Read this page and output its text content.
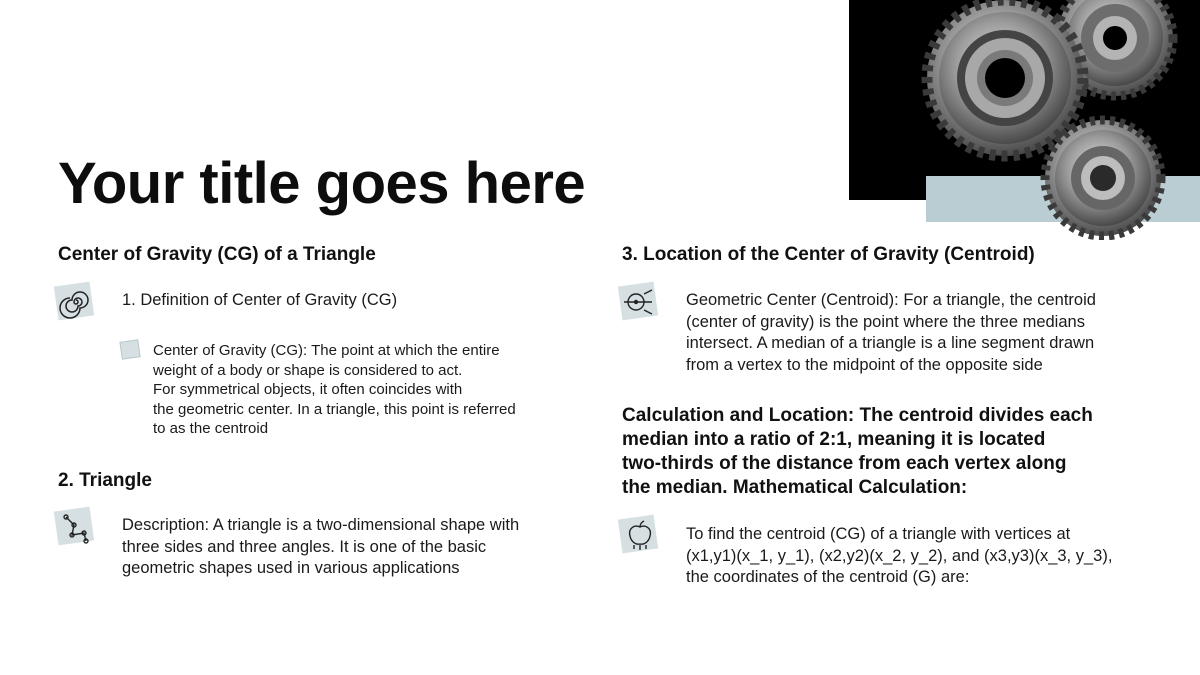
Your title goes here
Center of Gravity (CG) of a Triangle
1. Definition of Center of Gravity (CG)
Center of Gravity (CG): The point at which the entire
weight of a body or shape is considered to act.
For symmetrical objects, it often coincides with
the geometric center. In a triangle, this point is referred
to as the centroid
2. Triangle
Description: A triangle is a two-dimensional shape with
three sides and three angles. It is one of the basic
geometric shapes used in various applications
3. Location of the Center of Gravity (Centroid)
Geometric Center (Centroid): For a triangle, the centroid
(center of gravity) is the point where the three medians
intersect. A median of a triangle is a line segment drawn
from a vertex to the midpoint of the opposite side
Calculation and Location: The centroid divides each
median into a ratio of 2:1, meaning it is located
two-thirds of the distance from each vertex along
the median. Mathematical Calculation:
To find the centroid (CG) of a triangle with vertices at
(x1,y1)(x_1, y_1), (x2,y2)(x_2, y_2), and (x3,y3)(x_3, y_3),
the coordinates of the centroid (G) are:
